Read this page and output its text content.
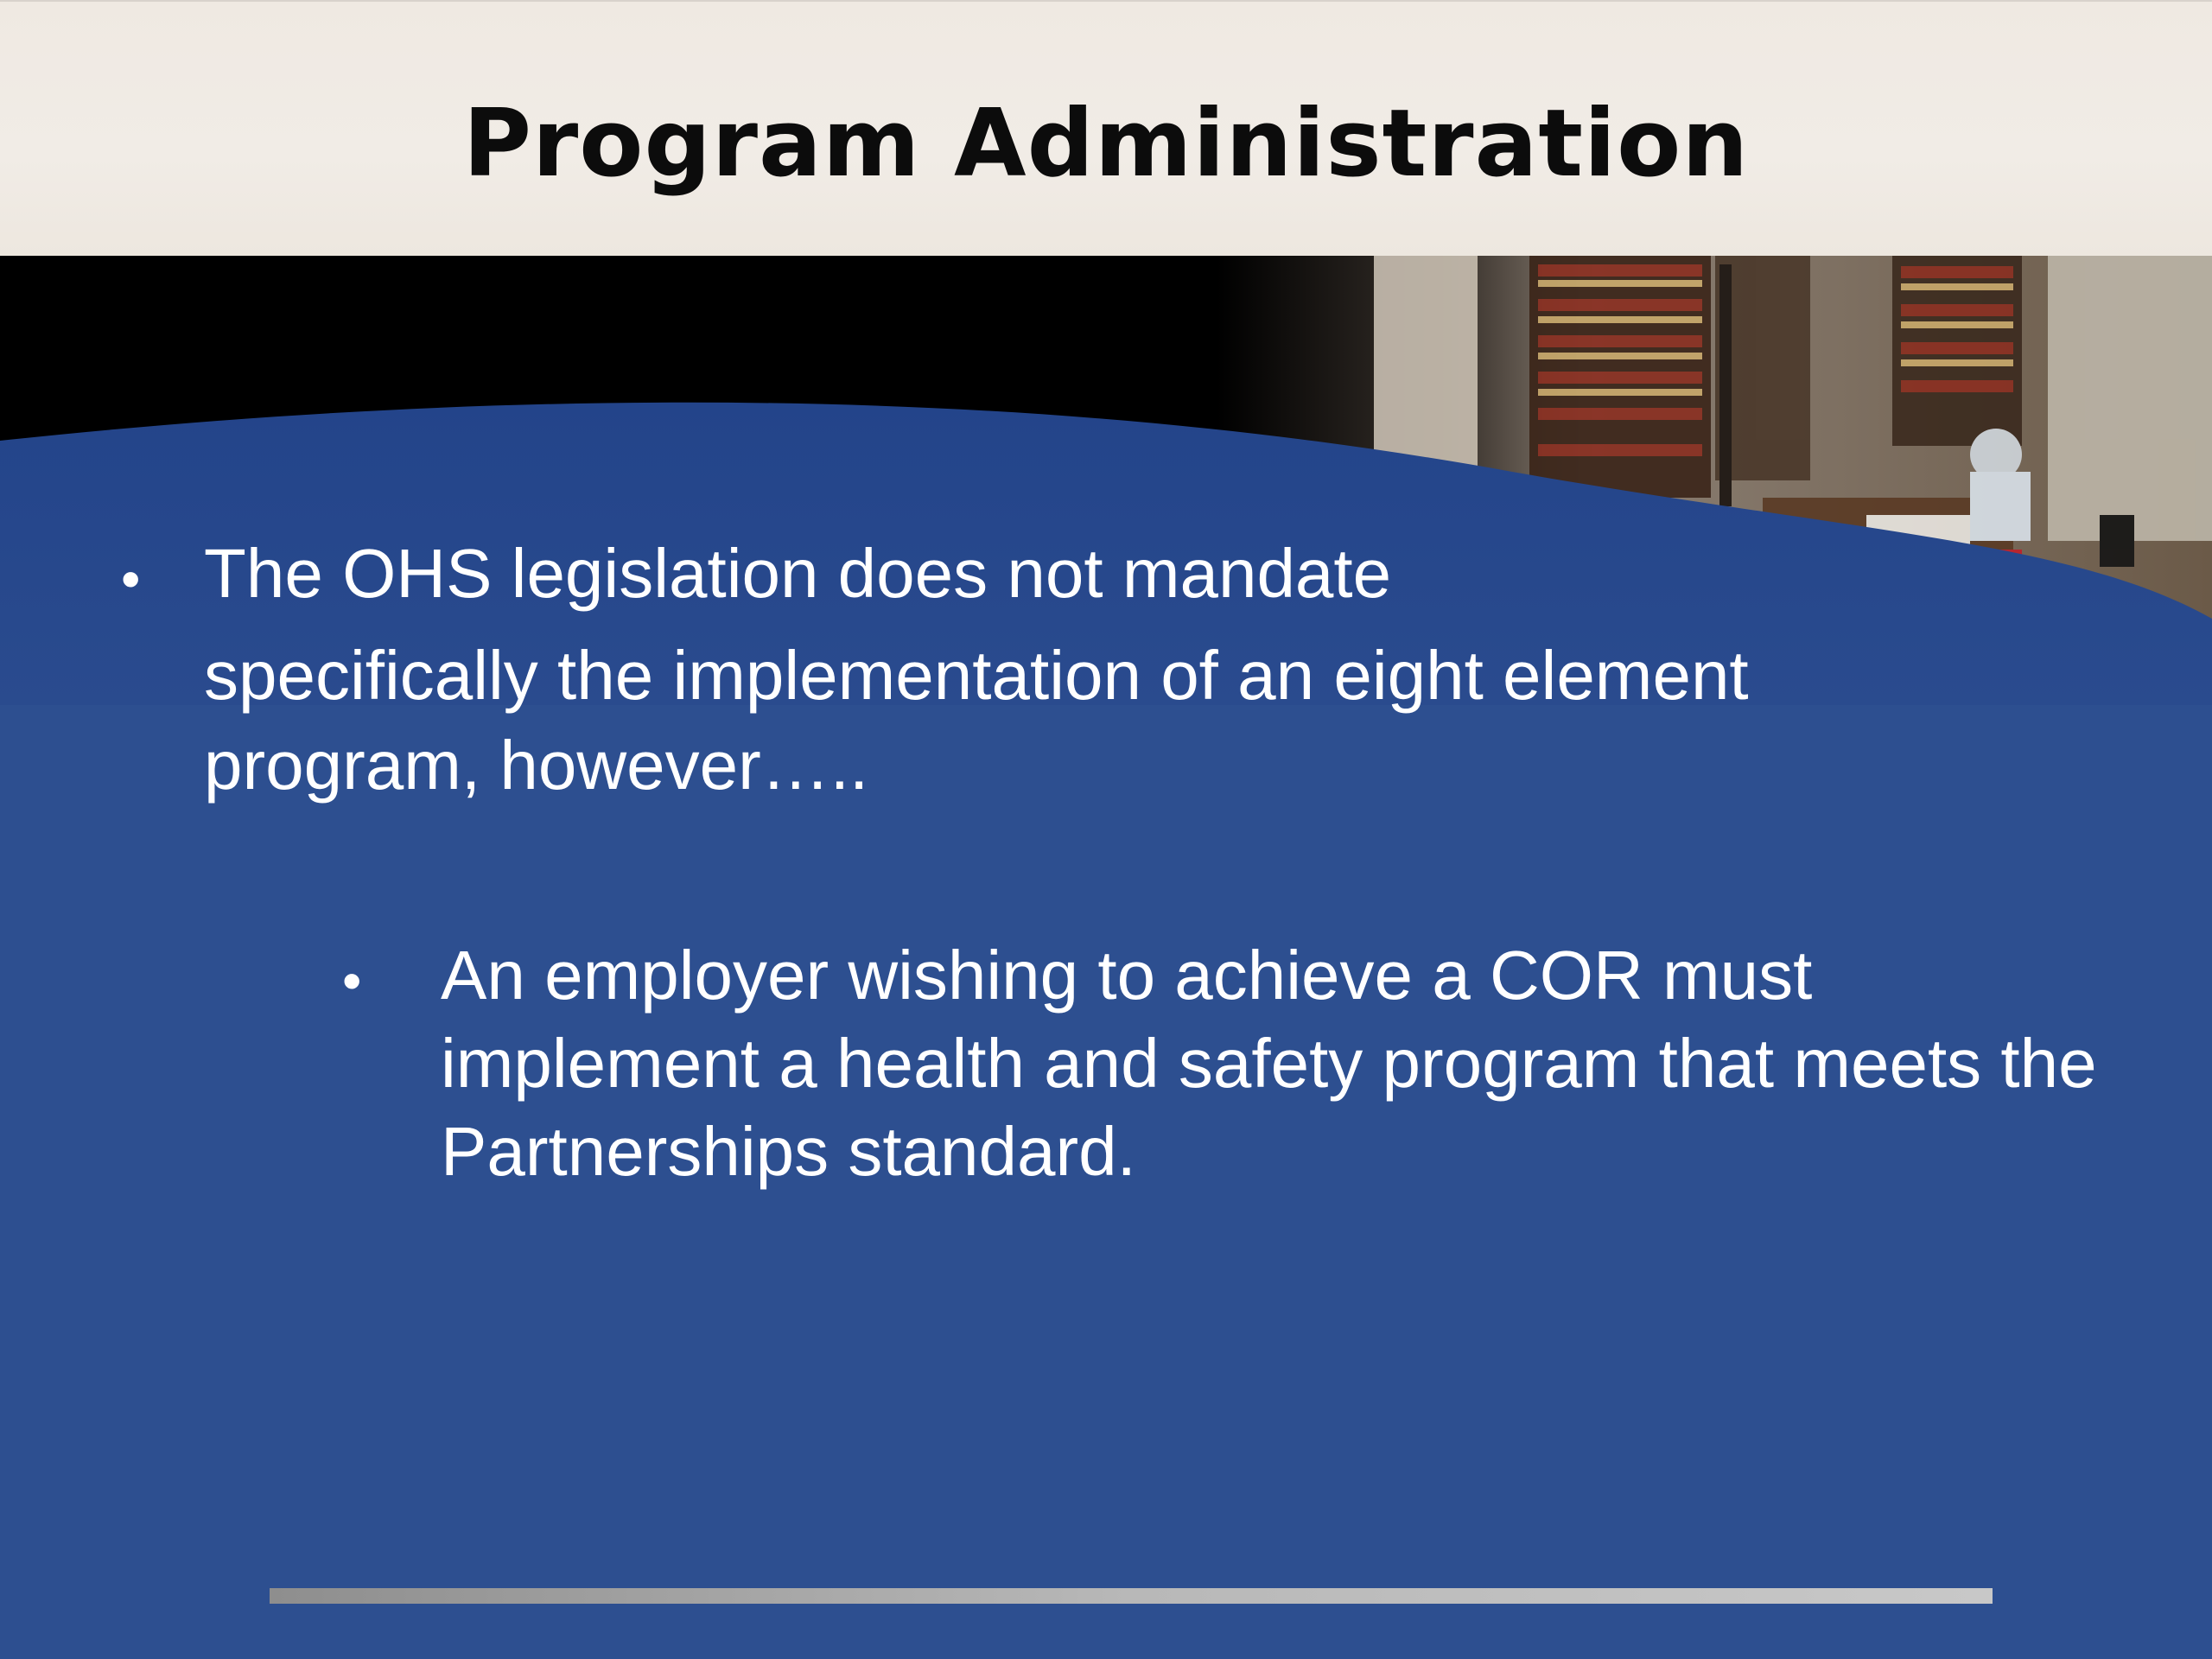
Program Administration
• The OHS legislation does not mandate
specifically the implementation of an eight element program, however…..
• An employer wishing to achieve a COR must implement a health and safety program that meets the Partnerships standard.
